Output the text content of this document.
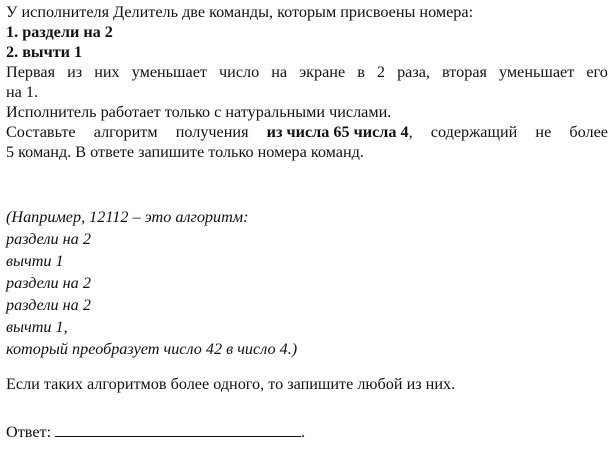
У исполнителя Делитель две команды, которым присвоены номера:
1. раздели на 2
2. вычти 1
Первая из них уменьшает число на экране в 2 раза, вторая уменьшает его
на 1.
Исполнитель работает только с натуральными числами.
Составьте алгоритм получения из числа 65 числа 4, содержащий не более
5 команд. В ответе запишите только номера команд.
(Например, 12112 – это алгоритм:
раздели на 2
вычти 1
раздели на 2
раздели на 2
вычти 1,
который преобразует число 42 в число 4.)
Если таких алгоритмов более одного, то запишите любой из них.
Ответ:	.
